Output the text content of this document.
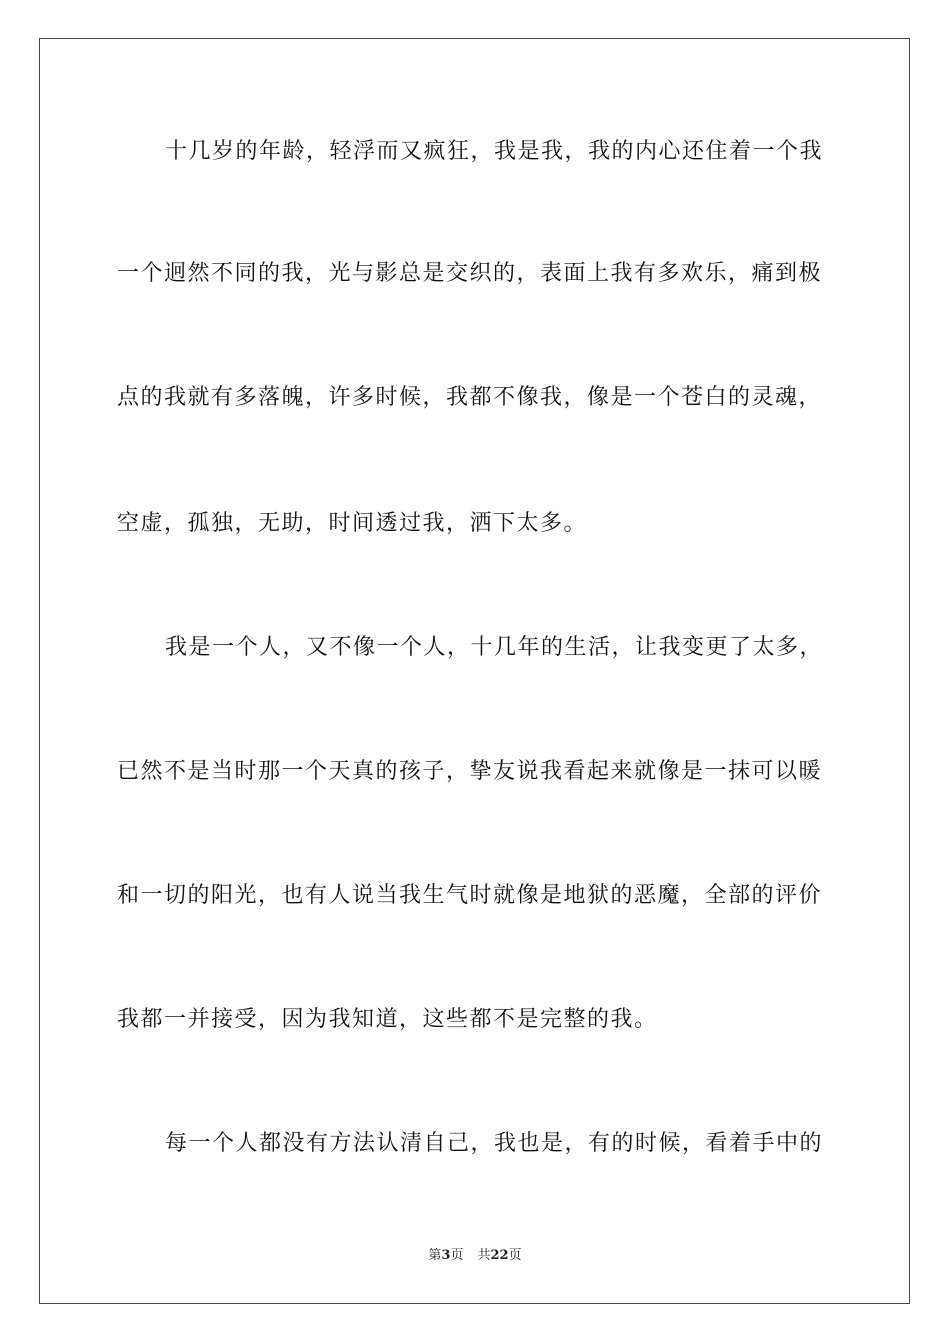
十几岁的年龄，轻浮而又疯狂，我是我，我的内心还住着一个我
一个迥然不同的我，光与影总是交织的，表面上我有多欢乐，痛到极
点的我就有多落魄，许多时候，我都不像我，像是一个苍白的灵魂，
空虚，孤独，无助，时间透过我，洒下太多。
我是一个人，又不像一个人，十几年的生活，让我变更了太多，
已然不是当时那一个天真的孩子，挚友说我看起来就像是一抹可以暖
和一切的阳光，也有人说当我生气时就像是地狱的恶魔，全部的评价
我都一并接受，因为我知道，这些都不是完整的我。
每一个人都没有方法认清自己，我也是，有的时候，看着手中的
第3页 共22页
